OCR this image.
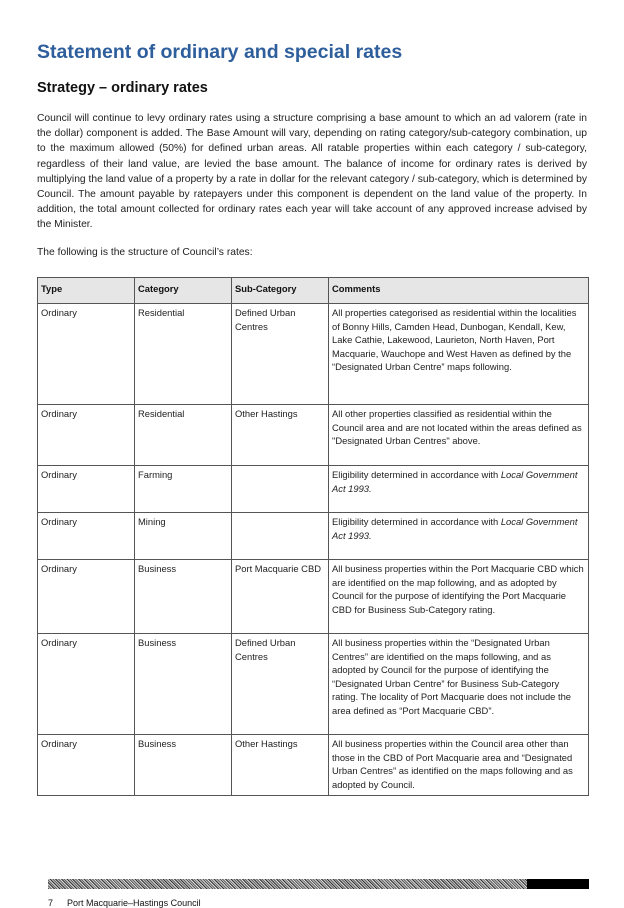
Statement of ordinary and special rates
Strategy – ordinary rates

Council will continue to levy ordinary rates using a structure comprising a base amount to which an ad valorem (rate in the dollar) component is added. The Base Amount will vary, depending on rating category/sub-category combination, up to the maximum allowed (50%) for defined urban areas. All ratable properties within each category / sub-category, regardless of their land value, are levied the base amount. The balance of income for ordinary rates is derived by multiplying the land value of a property by a rate in dollar for the relevant category / sub-category, which is determined by Council. The amount payable by ratepayers under this component is dependent on the land value of the property. In addition, the total amount collected for ordinary rates each year will take account of any approved increase advised by the Minister.

The following is the structure of Council’s rates:

Type	Category	Sub-Category	Comments
Ordinary	Residential	Defined Urban Centres	All properties categorised as residential within the localities of Bonny Hills, Camden Head, Dunbogan, Kendall, Kew, Lake Cathie, Lakewood, Laurieton, North Haven, Port Macquarie, Wauchope and West Haven as defined by the “Designated Urban Centre” maps following.
Ordinary	Residential	Other Hastings	All other properties classified as residential within the Council area and are not located within the areas defined as "Designated Urban Centres" above.
Ordinary	Farming		Eligibility determined in accordance with Local Government Act 1993.
Ordinary	Mining		Eligibility determined in accordance with Local Government Act 1993.
Ordinary	Business	Port Macquarie CBD	All business properties within the Port Macquarie CBD which are identified on the map following, and as adopted by Council for the purpose of identifying the Port Macquarie CBD for Business Sub-Category rating.
Ordinary	Business	Defined Urban Centres	All business properties within the “Designated Urban Centres” are identified on the maps following, and as adopted by Council for the purpose of identifying the “Designated Urban Centre” for Business Sub-Category rating. The locality of Port Macquarie does not include the area defined as “Port Macquarie CBD”.
Ordinary	Business	Other Hastings	All business properties within the Council area other than those in the CBD of Port Macquarie area and “Designated Urban Centres” as identified on the maps following and as adopted by Council.
7 Port Macquarie–Hastings Council
